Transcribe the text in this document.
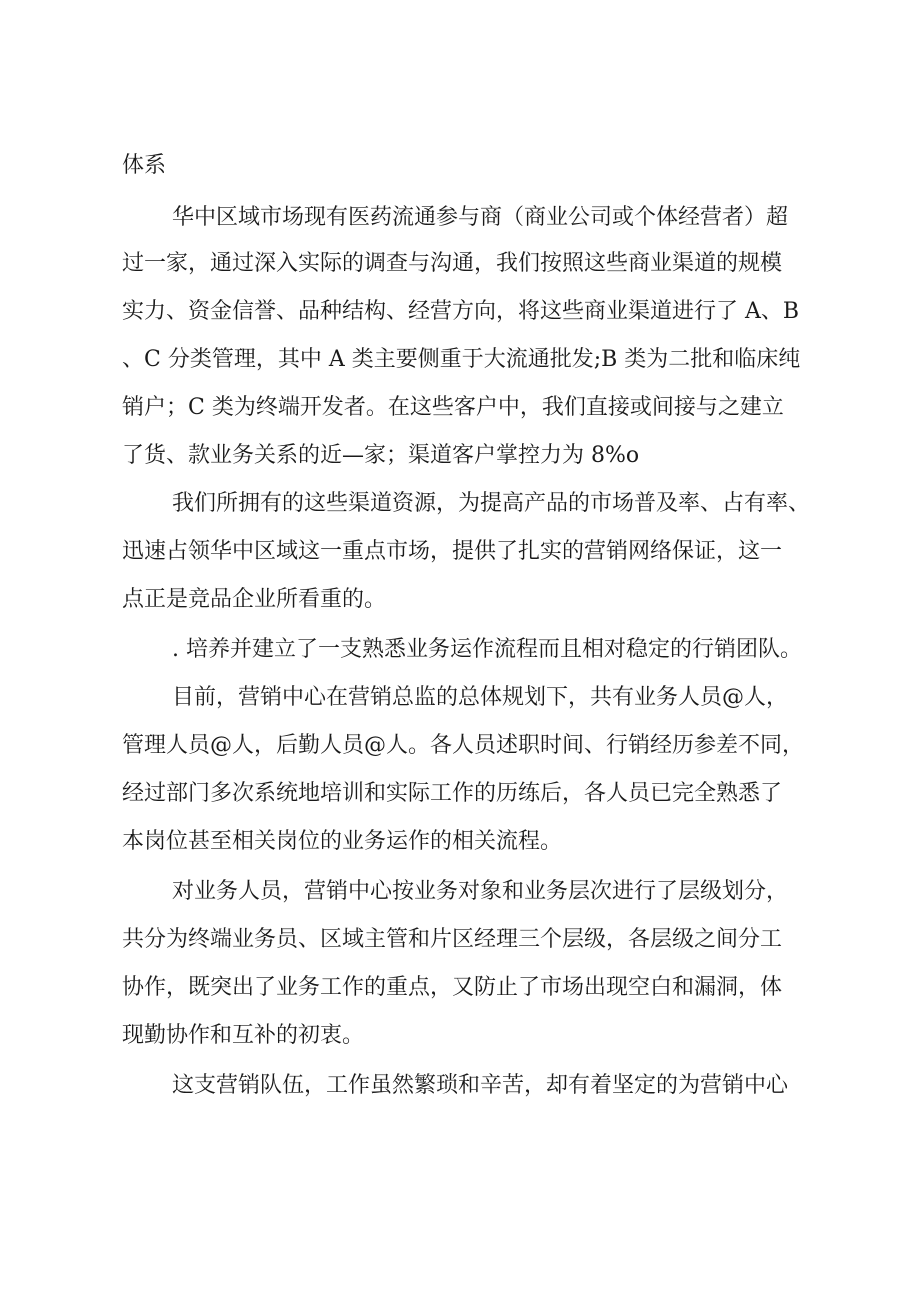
体系
华中区域市场现有医药流通参与商（商业公司或个体经营者）超
过一家，通过深入实际的调查与沟通，我们按照这些商业渠道的规模
实力、资金信誉、品种结构、经营方向，将这些商业渠道进行了 A、B
、C 分类管理，其中 A 类主要侧重于大流通批发;B 类为二批和临床纯
销户；C 类为终端开发者。在这些客户中，我们直接或间接与之建立
了货、款业务关系的近—家；渠道客户掌控力为 8%o
我们所拥有的这些渠道资源，为提高产品的市场普及率、占有率、
迅速占领华中区域这一重点市场，提供了扎实的营销网络保证，这一
点正是竞品企业所看重的。
. 培养并建立了一支熟悉业务运作流程而且相对稳定的行销团队。
目前，营销中心在营销总监的总体规划下，共有业务人员@人，
管理人员@人，后勤人员@人。各人员述职时间、行销经历参差不同，
经过部门多次系统地培训和实际工作的历练后，各人员已完全熟悉了
本岗位甚至相关岗位的业务运作的相关流程。
对业务人员，营销中心按业务对象和业务层次进行了层级划分，
共分为终端业务员、区域主管和片区经理三个层级，各层级之间分工
协作，既突出了业务工作的重点，又防止了市场出现空白和漏洞，体
现勤协作和互补的初衷。
这支营销队伍，工作虽然繁琐和辛苦，却有着坚定的为营销中心
